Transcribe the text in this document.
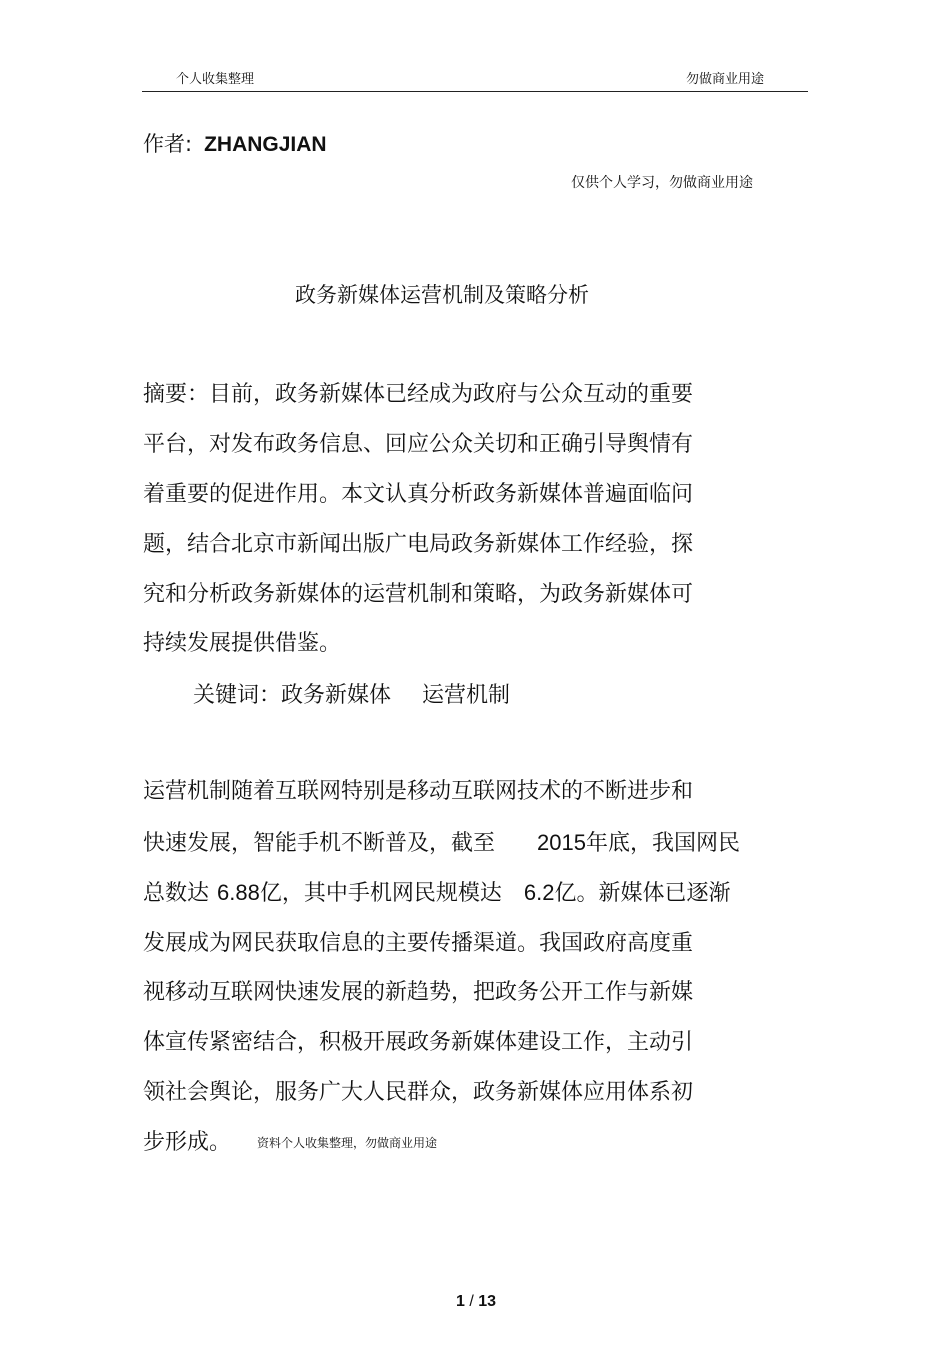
个人收集整理	勿做商业用途
作者: ZHANGJIAN
仅供个人学习，勿做商业用途
政务新媒体运营机制及策略分析
摘要：目前，政务新媒体已经成为政府与公众互动的重要
平台，对发布政务信息、回应公众关切和正确引导舆情有
着重要的促进作用。本文认真分析政务新媒体普遍面临问
题，结合北京市新闻出版广电局政务新媒体工作经验，探
究和分析政务新媒体的运营机制和策略，为政务新媒体可
持续发展提供借鉴。
关键词：政务新媒体 运营机制
运营机制随着互联网特别是移动互联网技术的不断进步和
快速发展，智能手机不断普及，截至 2015年底，我国网民
总数达 6.88亿，其中手机网民规模达 6.2亿。新媒体已逐渐
发展成为网民获取信息的主要传播渠道。我国政府高度重
视移动互联网快速发展的新趋势，把政务公开工作与新媒
体宣传紧密结合，积极开展政务新媒体建设工作，主动引
领社会舆论，服务广大人民群众，政务新媒体应用体系初
步形成。 资料个人收集整理，勿做商业用途
1 / 13
